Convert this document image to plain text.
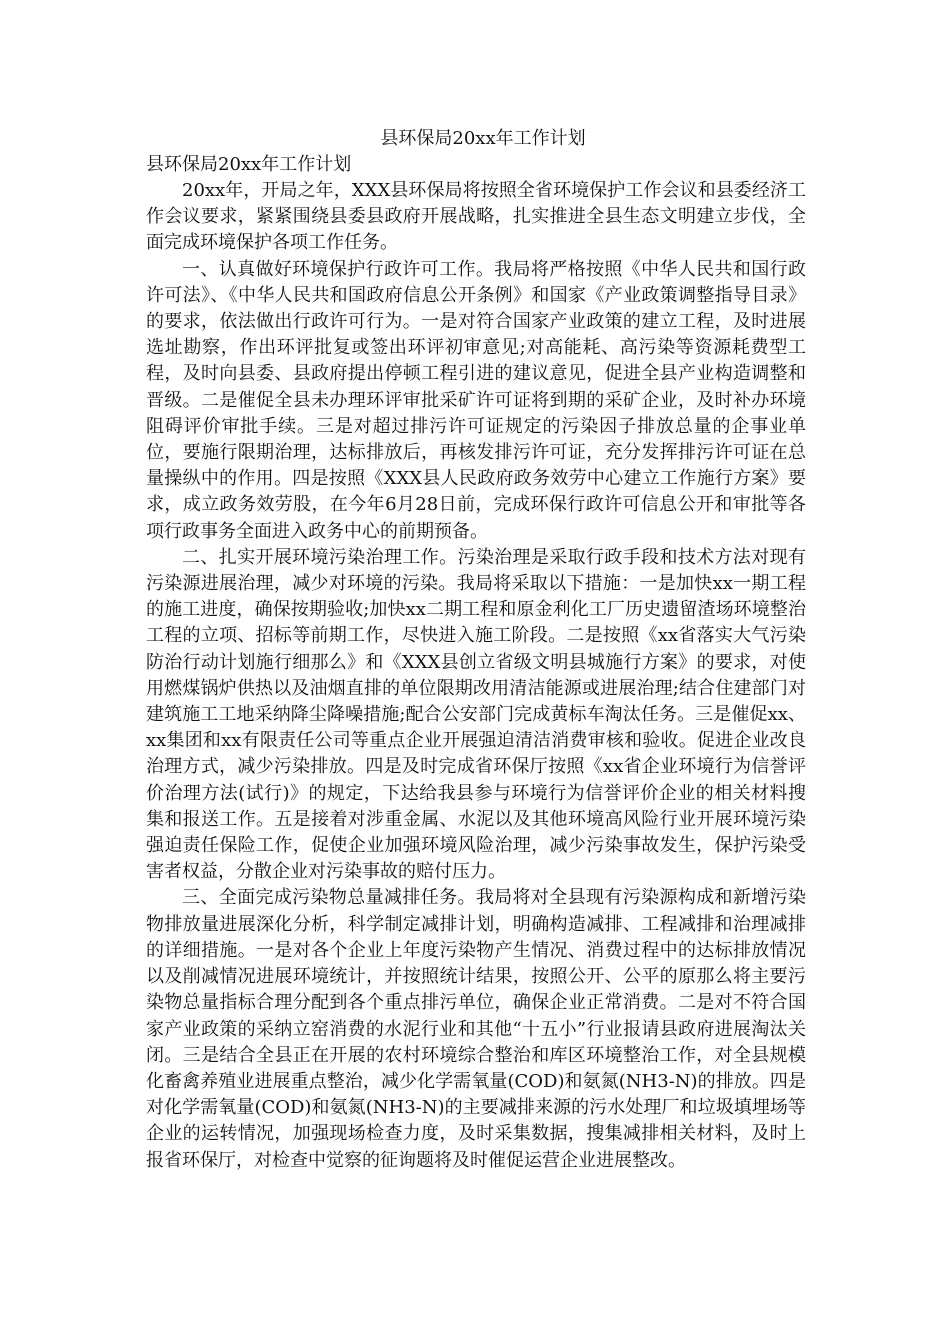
县环保局20xx年工作计划

县环保局20xx年工作计划

20xx年，开局之年，XXX县环保局将按照全省环境保护工作会议和县委经济工作会议要求，紧紧围绕县委县政府开展战略，扎实推进全县生态文明建立步伐，全面完成环境保护各项工作任务。

一、认真做好环境保护行政许可工作。我局将严格按照《中华人民共和国行政许可法》、《中华人民共和国政府信息公开条例》和国家《产业政策调整指导目录》的要求，依法做出行政许可行为。一是对符合国家产业政策的建立工程，及时进展选址勘察，作出环评批复或签出环评初审意见;对高能耗、高污染等资源耗费型工程，及时向县委、县政府提出停顿工程引进的建议意见，促进全县产业构造调整和晋级。二是催促全县未办理环评审批采矿许可证将到期的采矿企业，及时补办环境阻碍评价审批手续。三是对超过排污许可证规定的污染因子排放总量的企事业单位，要施行限期治理，达标排放后，再核发排污许可证，充分发挥排污许可证在总量操纵中的作用。四是按照《XXX县人民政府政务效劳中心建立工作施行方案》要求，成立政务效劳股，在今年6月28日前，完成环保行政许可信息公开和审批等各项行政事务全面进入政务中心的前期预备。

二、扎实开展环境污染治理工作。污染治理是采取行政手段和技术方法对现有污染源进展治理，减少对环境的污染。我局将采取以下措施：一是加快xx一期工程的施工进度，确保按期验收;加快xx二期工程和原金利化工厂历史遗留渣场环境整治工程的立项、招标等前期工作，尽快进入施工阶段。二是按照《xx省落实大气污染防治行动计划施行细那么》和《XXX县创立省级文明县城施行方案》的要求，对使用燃煤锅炉供热以及油烟直排的单位限期改用清洁能源或进展治理;结合住建部门对建筑施工工地采纳降尘降噪措施;配合公安部门完成黄标车淘汰任务。三是催促xx、xx集团和xx有限责任公司等重点企业开展强迫清洁消费审核和验收。促进企业改良治理方式，减少污染排放。四是及时完成省环保厅按照《xx省企业环境行为信誉评价治理方法(试行)》的规定，下达给我县参与环境行为信誉评价企业的相关材料搜集和报送工作。五是接着对涉重金属、水泥以及其他环境高风险行业开展环境污染强迫责任保险工作，促使企业加强环境风险治理，减少污染事故发生，保护污染受害者权益，分散企业对污染事故的赔付压力。

三、全面完成污染物总量减排任务。我局将对全县现有污染源构成和新增污染物排放量进展深化分析，科学制定减排计划，明确构造减排、工程减排和治理减排的详细措施。一是对各个企业上年度污染物产生情况、消费过程中的达标排放情况以及削减情况进展环境统计，并按照统计结果，按照公开、公平的原那么将主要污染物总量指标合理分配到各个重点排污单位，确保企业正常消费。二是对不符合国家产业政策的采纳立窑消费的水泥行业和其他“十五小”行业报请县政府进展淘汰关闭。三是结合全县正在开展的农村环境综合整治和库区环境整治工作，对全县规模化畜禽养殖业进展重点整治，减少化学需氧量(COD)和氨氮(NH3-N)的排放。四是对化学需氧量(COD)和氨氮(NH3-N)的主要减排来源的污水处理厂和垃圾填埋场等企业的运转情况，加强现场检查力度，及时采集数据，搜集减排相关材料，及时上报省环保厅，对检查中觉察的征询题将及时催促运营企业进展整改。
